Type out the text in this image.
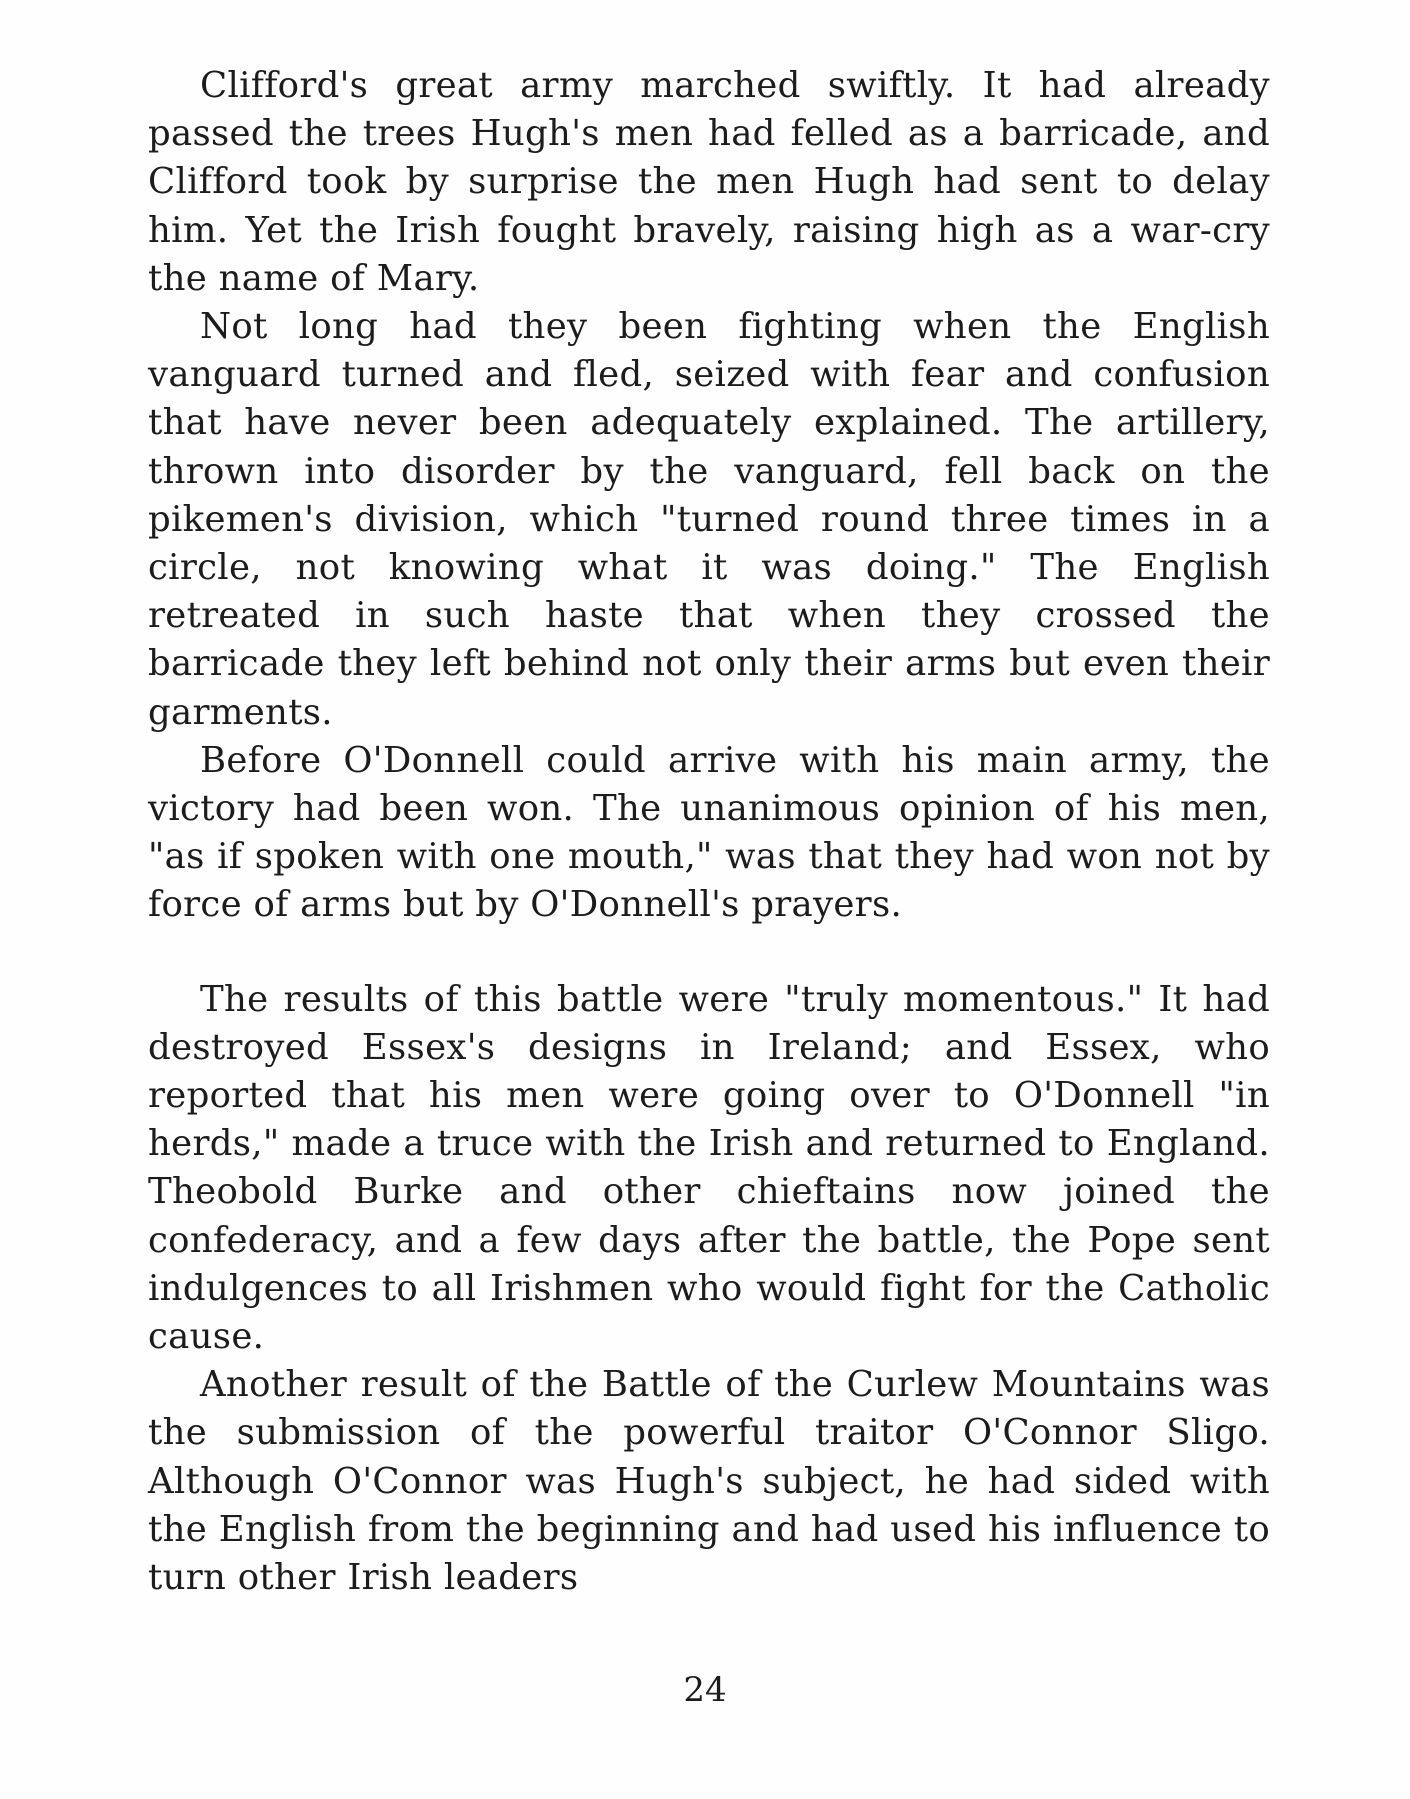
Clifford's great army marched swiftly. It had already passed the trees Hugh's men had felled as a barricade, and Clifford took by surprise the men Hugh had sent to delay him. Yet the Irish fought bravely, raising high as a war-cry the name of Mary.

Not long had they been fighting when the English vanguard turned and fled, seized with fear and confusion that have never been adequately explained. The artillery, thrown into disorder by the vanguard, fell back on the pikemen's division, which "turned round three times in a circle, not knowing what it was doing." The English retreated in such haste that when they crossed the barricade they left behind not only their arms but even their garments.

Before O'Donnell could arrive with his main army, the victory had been won. The unanimous opinion of his men, "as if spoken with one mouth," was that they had won not by force of arms but by O'Donnell's prayers.

The results of this battle were "truly momentous." It had destroyed Essex's designs in Ireland; and Essex, who reported that his men were going over to O'Donnell "in herds," made a truce with the Irish and returned to England. Theobold Burke and other chieftains now joined the confederacy, and a few days after the battle, the Pope sent indulgences to all Irishmen who would fight for the Catholic cause.

Another result of the Battle of the Curlew Mountains was the submission of the powerful traitor O'Connor Sligo. Although O'Connor was Hugh's subject, he had sided with the English from the beginning and had used his influence to turn other Irish leaders

24
